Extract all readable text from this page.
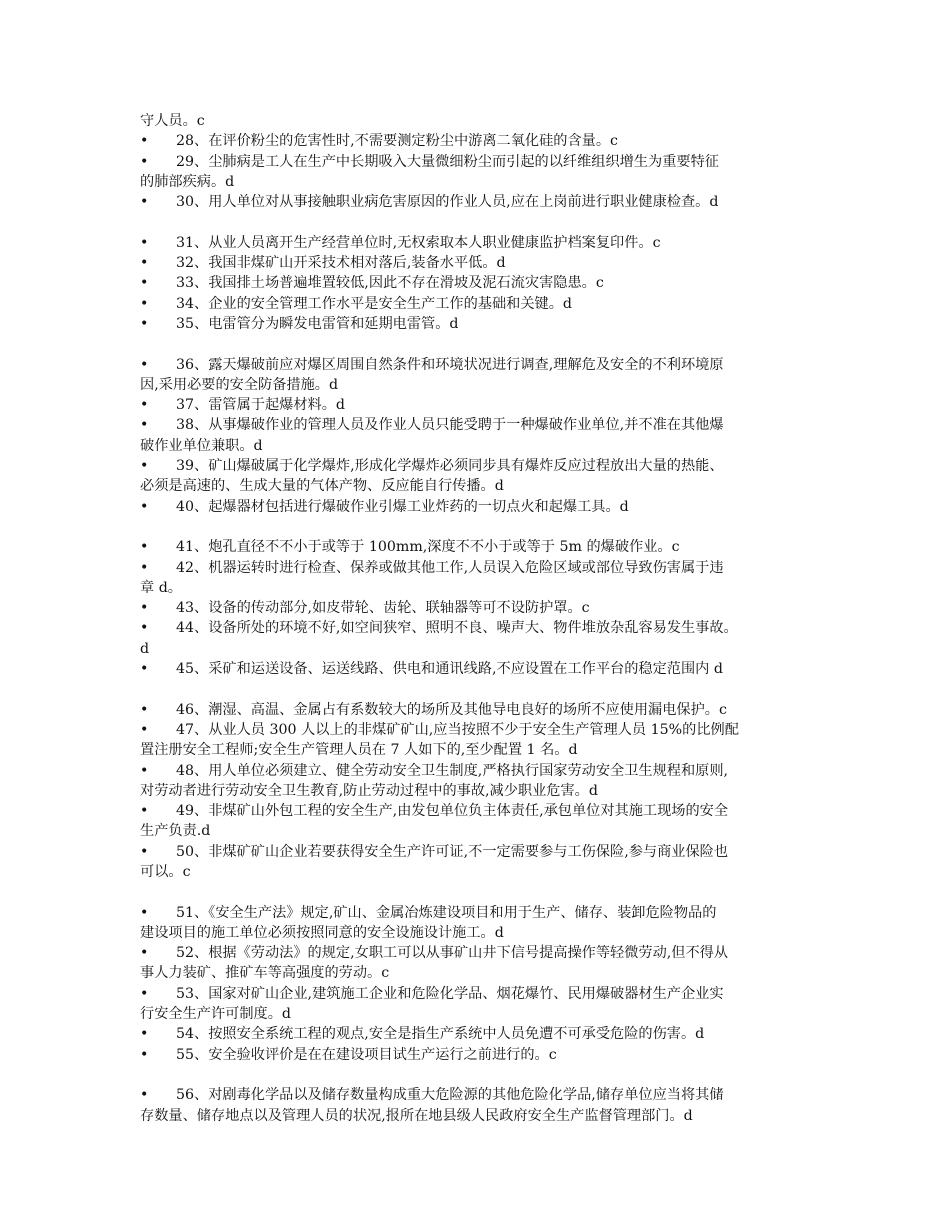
守人员。c
• 28、在评价粉尘的危害性时,不需要测定粉尘中游离二氧化硅的含量。c
• 29、尘肺病是工人在生产中长期吸入大量微细粉尘而引起的以纤维组织增生为重要特征
的肺部疾病。d
• 30、用人单位对从事接触职业病危害原因的作业人员,应在上岗前进行职业健康检查。d
• 31、从业人员离开生产经营单位时,无权索取本人职业健康监护档案复印件。c
• 32、我国非煤矿山开采技术相对落后,装备水平低。d
• 33、我国排土场普遍堆置较低,因此不存在滑坡及泥石流灾害隐患。c
• 34、企业的安全管理工作水平是安全生产工作的基础和关键。d
• 35、电雷管分为瞬发电雷管和延期电雷管。d
• 36、露天爆破前应对爆区周围自然条件和环境状况进行调查,理解危及安全的不利环境原
因,采用必要的安全防备措施。d
• 37、雷管属于起爆材料。d
• 38、从事爆破作业的管理人员及作业人员只能受聘于一种爆破作业单位,并不准在其他爆
破作业单位兼职。d
• 39、矿山爆破属于化学爆炸,形成化学爆炸必须同步具有爆炸反应过程放出大量的热能、
必须是高速的、生成大量的气体产物、反应能自行传播。d
• 40、起爆器材包括进行爆破作业引爆工业炸药的一切点火和起爆工具。d
• 41、炮孔直径不不小于或等于 100mm,深度不不小于或等于 5m 的爆破作业。c
• 42、机器运转时进行检查、保养或做其他工作,人员误入危险区域或部位导致伤害属于违
章 d。
• 43、设备的传动部分,如皮带轮、齿轮、联轴器等可不设防护罩。c
• 44、设备所处的环境不好,如空间狭窄、照明不良、噪声大、物件堆放杂乱容易发生事故。
d
• 45、采矿和运送设备、运送线路、供电和通讯线路,不应设置在工作平台的稳定范围内 d
• 46、潮湿、高温、金属占有系数较大的场所及其他导电良好的场所不应使用漏电保护。c
• 47、从业人员 300 人以上的非煤矿矿山,应当按照不少于安全生产管理人员 15%的比例配
置注册安全工程师;安全生产管理人员在 7 人如下的,至少配置 1 名。d
• 48、用人单位必须建立、健全劳动安全卫生制度,严格执行国家劳动安全卫生规程和原则,
对劳动者进行劳动安全卫生教育,防止劳动过程中的事故,减少职业危害。d
• 49、非煤矿山外包工程的安全生产,由发包单位负主体责任,承包单位对其施工现场的安全
生产负责.d
• 50、非煤矿矿山企业若要获得安全生产许可证,不一定需要参与工伤保险,参与商业保险也
可以。c
• 51、《安全生产法》规定,矿山、金属冶炼建设项目和用于生产、储存、装卸危险物品的
建设项目的施工单位必须按照同意的安全设施设计施工。d
• 52、根据《劳动法》的规定,女职工可以从事矿山井下信号提高操作等轻微劳动,但不得从
事人力装矿、推矿车等高强度的劳动。c
• 53、国家对矿山企业,建筑施工企业和危险化学品、烟花爆竹、民用爆破器材生产企业实
行安全生产许可制度。d
• 54、按照安全系统工程的观点,安全是指生产系统中人员免遭不可承受危险的伤害。d
• 55、安全验收评价是在在建设项目试生产运行之前进行的。c
• 56、对剧毒化学品以及储存数量构成重大危险源的其他危险化学品,储存单位应当将其储
存数量、储存地点以及管理人员的状况,报所在地县级人民政府安全生产监督管理部门。d
